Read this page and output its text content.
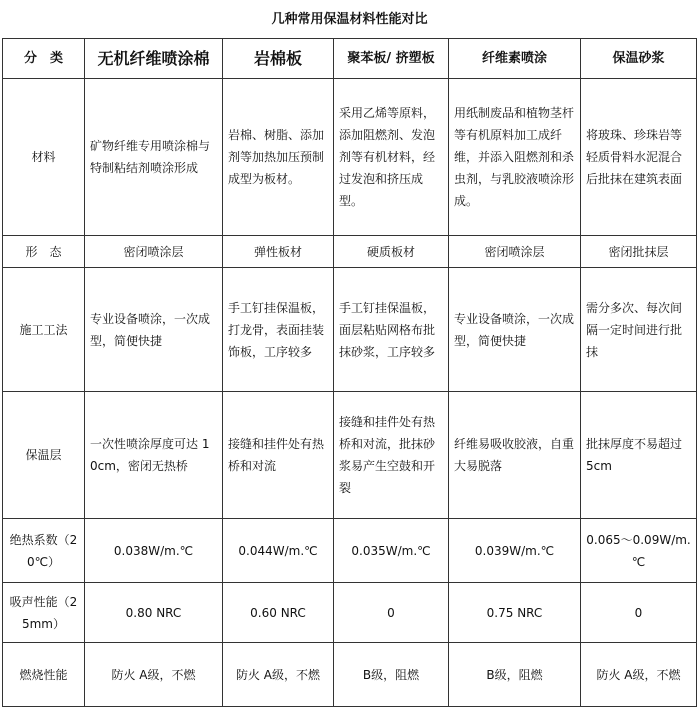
几种常用保温材料性能对比
分　类	无机纤维喷涂棉	岩棉板	聚苯板/ 挤塑板	纤维素喷涂	保温砂浆
材料	矿物纤维专用喷涂棉与特制粘结剂喷涂形成	岩棉、树脂、添加剂等加热加压预制成型为板材。	采用乙烯等原料，添加阻燃剂、发泡剂等有机材料，经过发泡和挤压成型。	用纸制废品和植物茎杆等有机原料加工成纤维，并添入阻燃剂和杀虫剂，与乳胶液喷涂形成。	将玻珠、珍珠岩等轻质骨料水泥混合后批抹在建筑表面
形　态	密闭喷涂层	弹性板材	硬质板材	密闭喷涂层	密闭批抹层
施工工法	专业设备喷涂，一次成型，简便快捷	手工钉挂保温板，打龙骨，表面挂装饰板，工序较多	手工钉挂保温板，面层粘贴网格布批抹砂浆，工序较多	专业设备喷涂，一次成型，简便快捷	需分多次、每次间隔一定时间进行批抹
保温层	一次性喷涂厚度可达 10cm，密闭无热桥	接缝和挂件处有热桥和对流	接缝和挂件处有热桥和对流，批抹砂浆易产生空鼓和开裂	纤维易吸收胶液，自重大易脱落	批抹厚度不易超过 5cm
绝热系数（20℃）	0.038W/m.℃	0.044W/m.℃	0.035W/m.℃	0.039W/m.℃	0.065～0.09W/m.℃
吸声性能（25mm）	0.80 NRC	0.60 NRC	0	0.75 NRC	0
燃烧性能	防火 A级，不燃	防火 A级，不燃	B级，阻燃	B级，阻燃	防火 A级，不燃
